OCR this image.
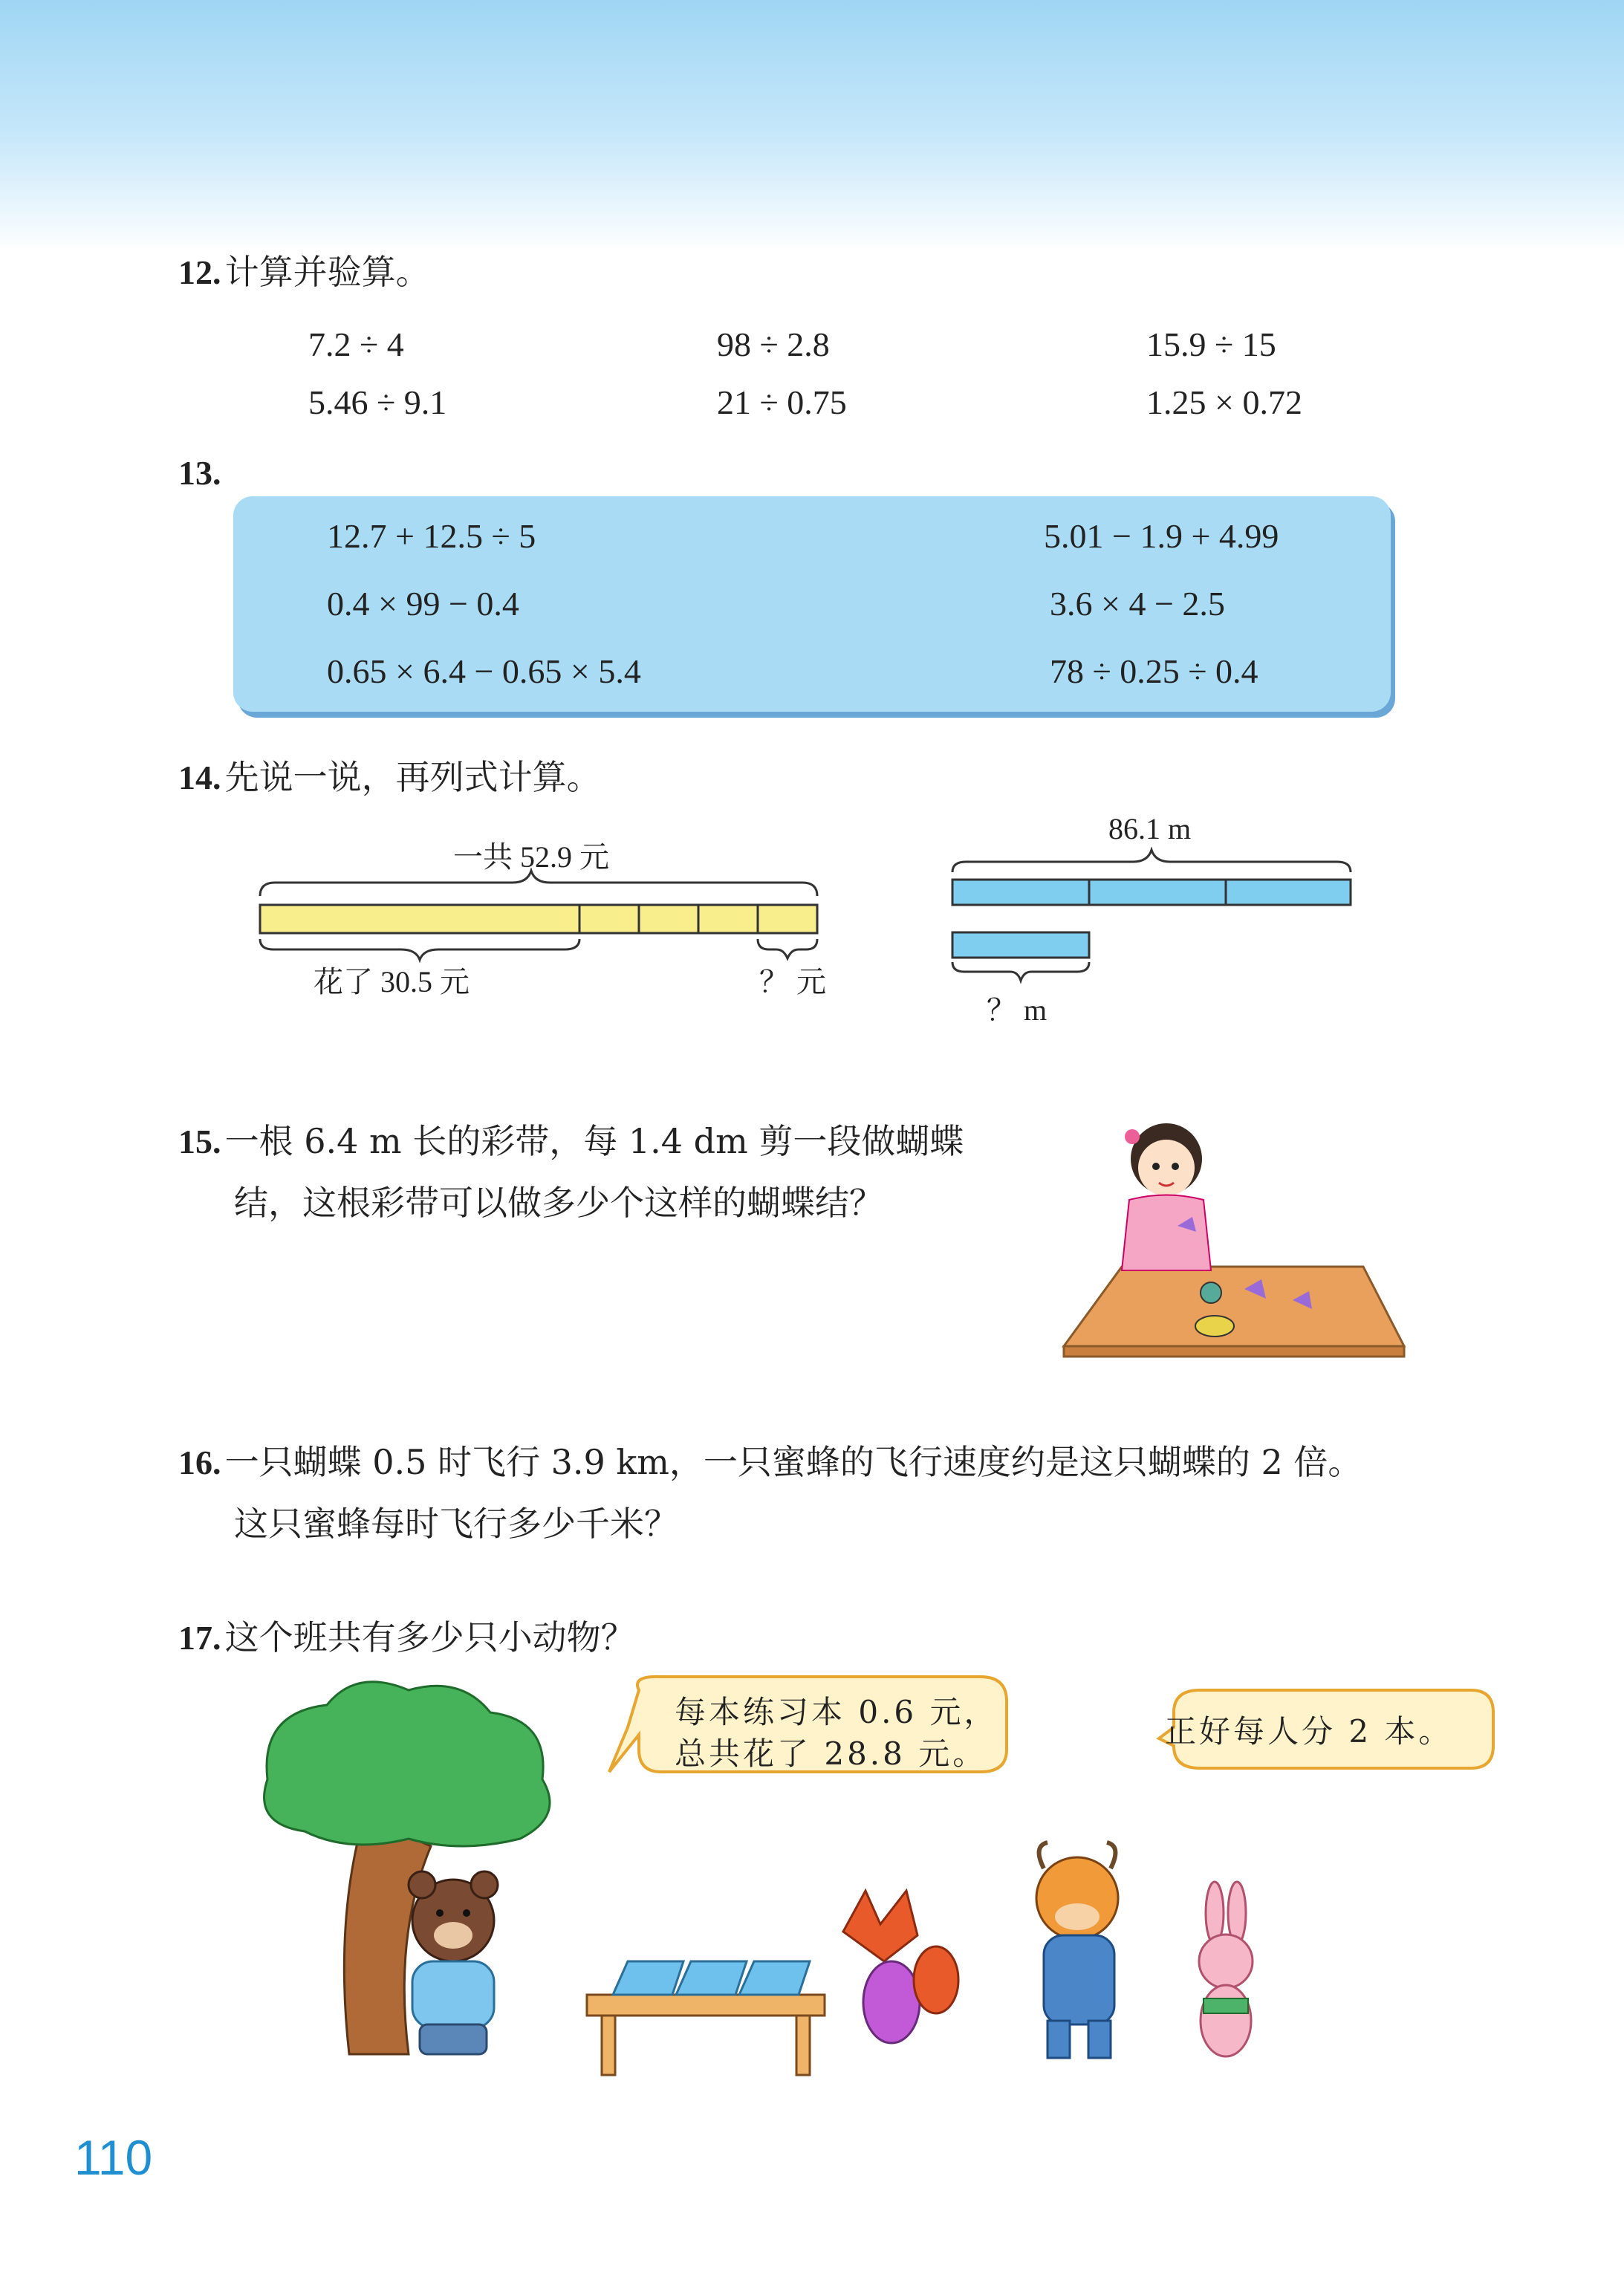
12. 计算并验算。
7.2 ÷ 4	98 ÷ 2.8	15.9 ÷ 15
5.46 ÷ 9.1	21 ÷ 0.75	1.25 × 0.72
13.
12.7 + 12.5 ÷ 5	5.01 − 1.9 + 4.99
0.4 × 99 − 0.4	3.6 × 4 − 2.5
0.65 × 6.4 − 0.65 × 5.4	78 ÷ 0.25 ÷ 0.4
14. 先说一说，再列式计算。
一共 52.9 元
花了 30.5 元	？ 元
86.1 m
？ m
15. 一根 6.4 m 长的彩带，每 1.4 dm 剪一段做蝴蝶
结，这根彩带可以做多少个这样的蝴蝶结？
16. 一只蝴蝶 0.5 时飞行 3.9 km，一只蜜蜂的飞行速度约是这只蝴蝶的 2 倍。
这只蜜蜂每时飞行多少千米？
17. 这个班共有多少只小动物？
每本练习本 0.6 元，
总共花了 28.8 元。
正好每人分 2 本。
110
